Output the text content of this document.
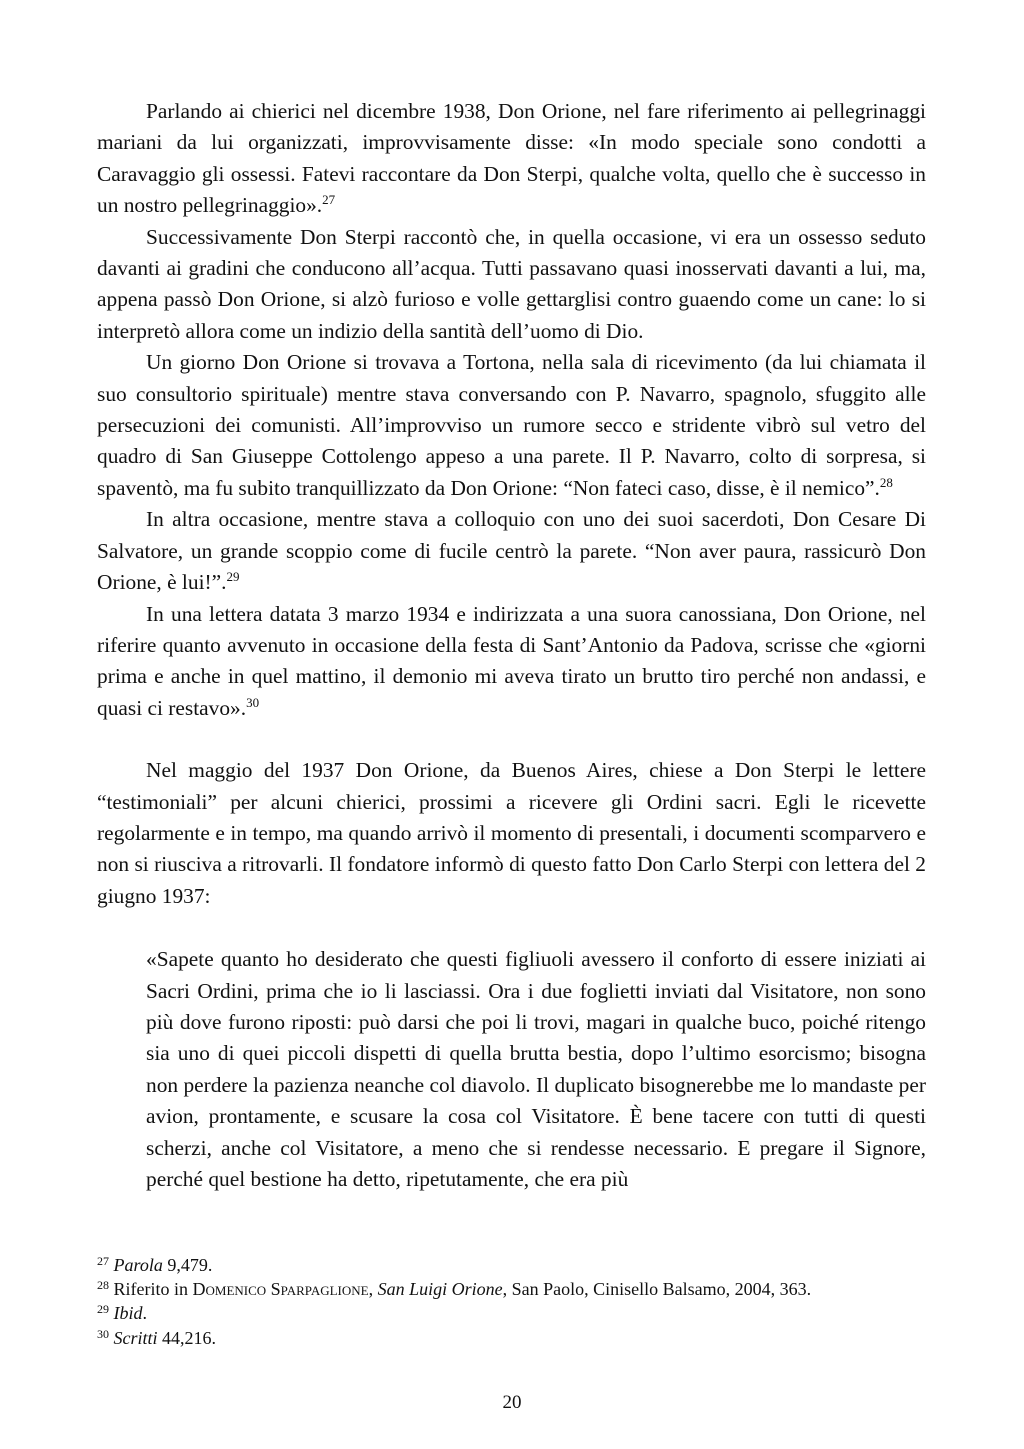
Parlando ai chierici nel dicembre 1938, Don Orione, nel fare riferimento ai pellegrinaggi mariani da lui organizzati, improvvisamente disse: «In modo speciale sono condotti a Caravaggio gli ossessi. Fatevi raccontare da Don Sterpi, qualche volta, quello che è successo in un nostro pellegrinaggio».$^{27}$

Successivamente Don Sterpi raccontò che, in quella occasione, vi era un ossesso seduto davanti ai gradini che conducono all’acqua. Tutti passavano quasi inosservati davanti a lui, ma, appena passò Don Orione, si alzò furioso e volle gettarglisi contro guaendo come un cane: lo si interpretò allora come un indizio della santità dell’uomo di Dio.

Un giorno Don Orione si trovava a Tortona, nella sala di ricevimento (da lui chiamata il suo consultorio spirituale) mentre stava conversando con P. Navarro, spagnolo, sfuggito alle persecuzioni dei comunisti. All’improvviso un rumore secco e stridente vibrò sul vetro del quadro di San Giuseppe Cottolengo appeso a una parete. Il P. Navarro, colto di sorpresa, si spaventò, ma fu subito tranquillizzato da Don Orione: “Non fateci caso, disse, è il nemico”.$^{28}$

In altra occasione, mentre stava a colloquio con uno dei suoi sacerdoti, Don Cesare Di Salvatore, un grande scoppio come di fucile centrò la parete. “Non aver paura, rassicurò Don Orione, è lui!”.$^{29}$

In una lettera datata 3 marzo 1934 e indirizzata a una suora canossiana, Don Orione, nel riferire quanto avvenuto in occasione della festa di Sant’Antonio da Padova, scrisse che «giorni prima e anche in quel mattino, il demonio mi aveva tirato un brutto tiro perché non andassi, e quasi ci restavo».$^{30}$

Nel maggio del 1937 Don Orione, da Buenos Aires, chiese a Don Sterpi le lettere “testimoniali” per alcuni chierici, prossimi a ricevere gli Ordini sacri. Egli le ricevette regolarmente e in tempo, ma quando arrivò il momento di presentali, i documenti scomparvero e non si riusciva a ritrovarli. Il fondatore informò di questo fatto Don Carlo Sterpi con lettera del 2 giugno 1937:

«Sapete quanto ho desiderato che questi figliuoli avessero il conforto di essere iniziati ai Sacri Ordini, prima che io li lasciassi. Ora i due foglietti inviati dal Visitatore, non sono più dove furono riposti: può darsi che poi li trovi, magari in qualche buco, poiché ritengo sia uno di quei piccoli dispetti di quella brutta bestia, dopo l’ultimo esorcismo; bisogna non perdere la pazienza neanche col diavolo. Il duplicato bisognerebbe me lo mandaste per avion, prontamente, e scusare la cosa col Visitatore. È bene tacere con tutti di questi scherzi, anche col Visitatore, a meno che si rendesse necessario. E pregare il Signore, perché quel bestione ha detto, ripetutamente, che era più
$^{27}$ Parola 9,479.
$^{28}$ Riferito in Domenico Sparpaglione, San Luigi Orione, San Paolo, Cinisello Balsamo, 2004, 363.
$^{29}$ Ibid.
$^{30}$ Scritti 44,216.
20
